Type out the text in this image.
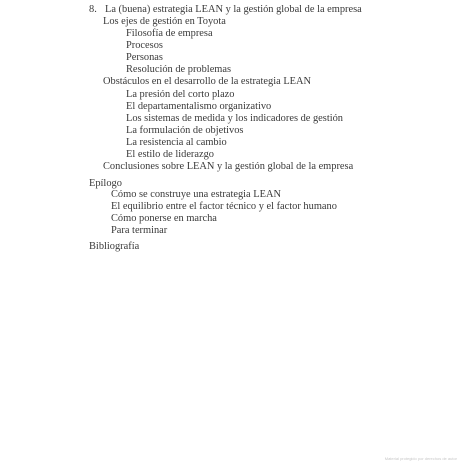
8. La (buena) estrategia LEAN y la gestión global de la empresa
Los ejes de gestión en Toyota
Filosofía de empresa
Procesos
Personas
Resolución de problemas
Obstáculos en el desarrollo de la estrategia LEAN
La presión del corto plazo
El departamentalismo organizativo
Los sistemas de medida y los indicadores de gestión
La formulación de objetivos
La resistencia al cambio
El estilo de liderazgo
Conclusiones sobre LEAN y la gestión global de la empresa
Epílogo
Cómo se construye una estrategia LEAN
El equilibrio entre el factor técnico y el factor humano
Cómo ponerse en marcha
Para terminar
Bibliografía
Material protegido por derechos de autor
